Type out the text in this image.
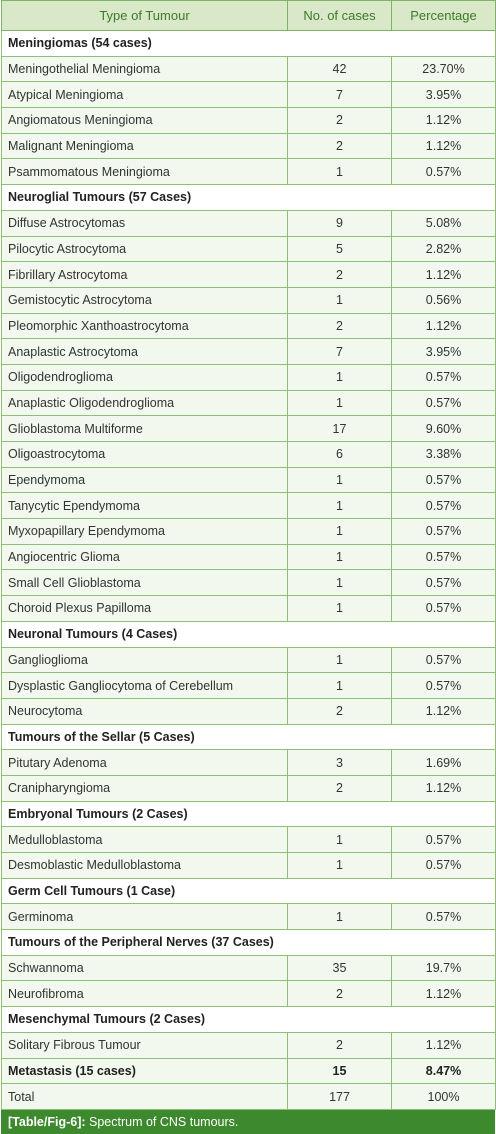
Type of Tumour	No. of cases	Percentage
Meningiomas (54 cases)		
Meningothelial Meningioma	42	23.70%
Atypical Meningioma	7	3.95%
Angiomatous Meningioma	2	1.12%
Malignant Meningioma	2	1.12%
Psammomatous Meningioma	1	0.57%
Neuroglial Tumours (57 Cases)		
Diffuse Astrocytomas	9	5.08%
Pilocytic Astrocytoma	5	2.82%
Fibrillary Astrocytoma	2	1.12%
Gemistocytic Astrocytoma	1	0.56%
Pleomorphic Xanthoastrocytoma	2	1.12%
Anaplastic Astrocytoma	7	3.95%
Oligodendroglioma	1	0.57%
Anaplastic Oligodendroglioma	1	0.57%
Glioblastoma Multiforme	17	9.60%
Oligoastrocytoma	6	3.38%
Ependymoma	1	0.57%
Tanycytic Ependymoma	1	0.57%
Myxopapillary Ependymoma	1	0.57%
Angiocentric Glioma	1	0.57%
Small Cell Glioblastoma	1	0.57%
Choroid Plexus Papilloma	1	0.57%
Neuronal Tumours (4 Cases)		
Ganglioglioma	1	0.57%
Dysplastic Gangliocytoma of Cerebellum	1	0.57%
Neurocytoma	2	1.12%
Tumours of the Sellar (5 Cases)		
Pitutary Adenoma	3	1.69%
Cranipharyngioma	2	1.12%
Embryonal Tumours (2 Cases)		
Medulloblastoma	1	0.57%
Desmoblastic Medulloblastoma	1	0.57%
Germ Cell Tumours (1 Case)		
Germinoma	1	0.57%
Tumours of the Peripheral Nerves (37 Cases)		
Schwannoma	35	19.7%
Neurofibroma	2	1.12%
Mesenchymal Tumours (2 Cases)		
Solitary Fibrous Tumour	2	1.12%
Metastasis (15 cases)	15	8.47%
Total	177	100%
[Table/Fig-6]: Spectrum of CNS tumours.
